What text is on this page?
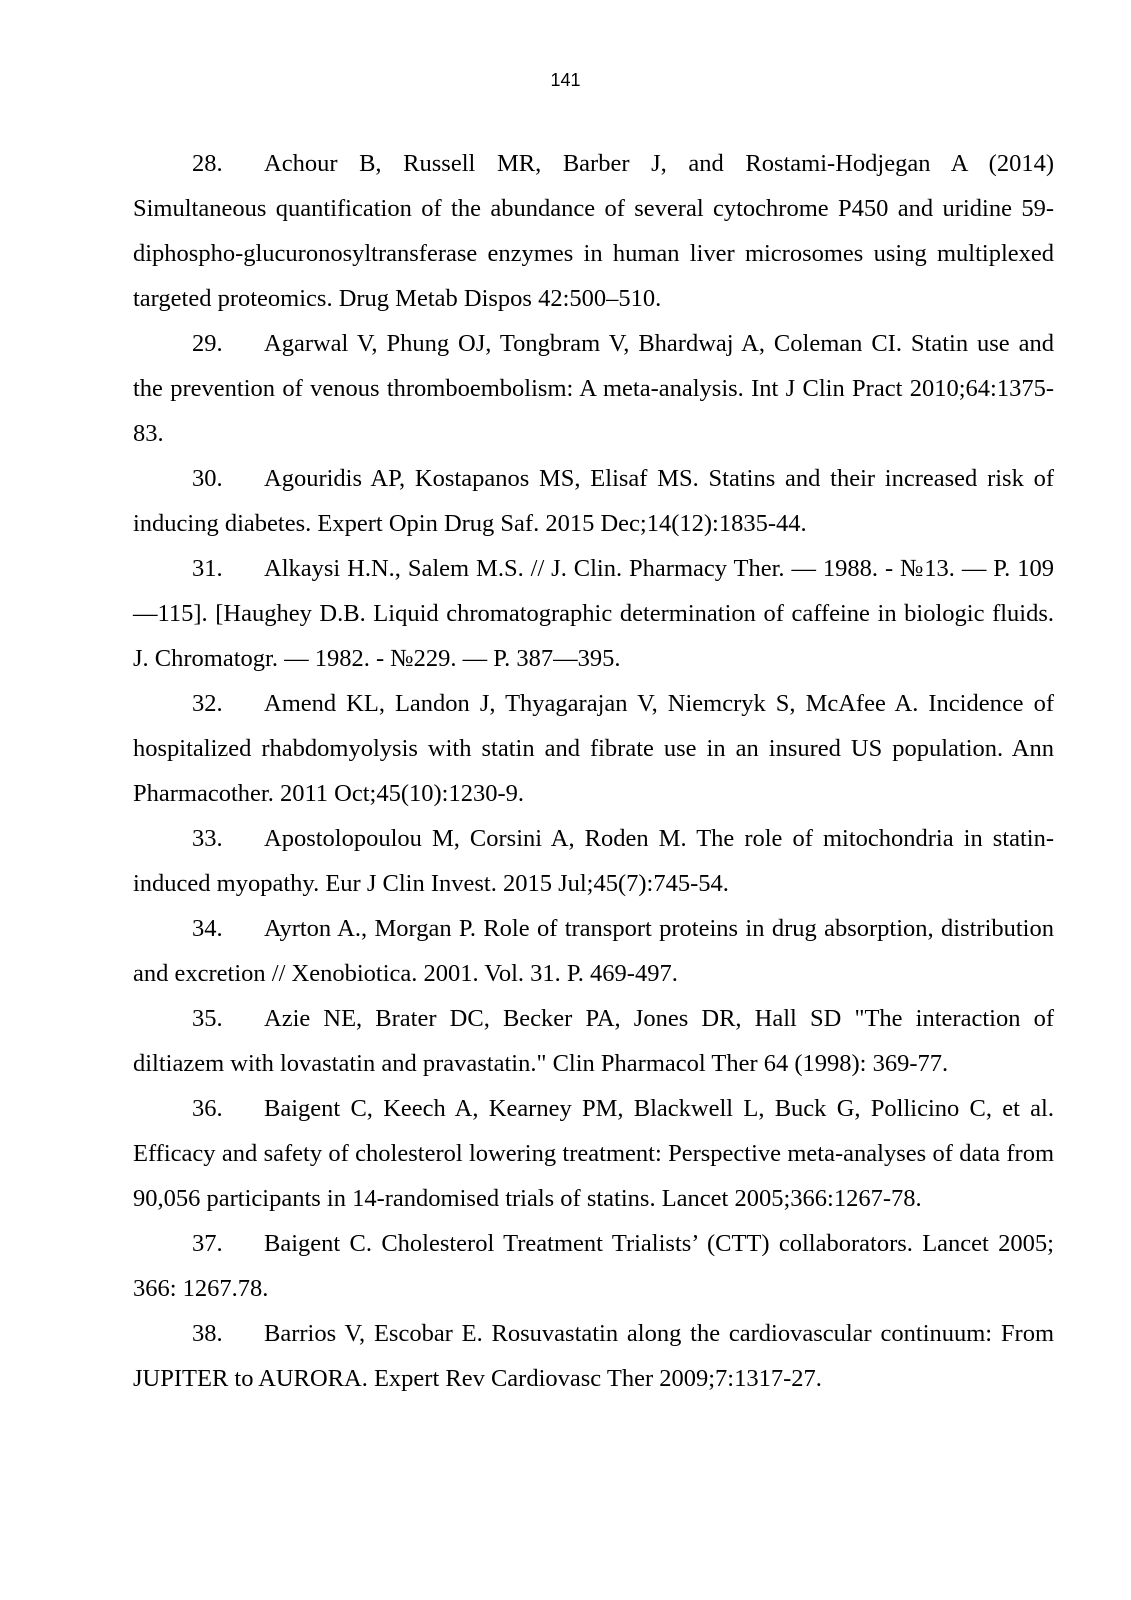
141

28. Achour B, Russell MR, Barber J, and Rostami-Hodjegan A (2014) Simultaneous quantification of the abundance of several cytochrome P450 and uridine 59-diphospho-glucuronosyltransferase enzymes in human liver microsomes using multiplexed targeted proteomics. Drug Metab Dispos 42:500–510.

29. Agarwal V, Phung OJ, Tongbram V, Bhardwaj A, Coleman CI. Statin use and the prevention of venous thromboembolism: A meta-analysis. Int J Clin Pract 2010;64:1375-83.

30. Agouridis AP, Kostapanos MS, Elisaf MS. Statins and their increased risk of inducing diabetes. Expert Opin Drug Saf. 2015 Dec;14(12):1835-44.

31. Alkaysi H.N., Salem M.S. // J. Clin. Pharmacy Ther. — 1988. - №13. — P. 109—115]. [Haughey D.B. Liquid chromatographic determination of caffeine in biologic fluids. J. Chromatogr. — 1982. - №229. — P. 387—395.

32. Amend KL, Landon J, Thyagarajan V, Niemcryk S, McAfee A. Incidence of hospitalized rhabdomyolysis with statin and fibrate use in an insured US population. Ann Pharmacother. 2011 Oct;45(10):1230-9.

33. Apostolopoulou M, Corsini A, Roden M. The role of mitochondria in statin-induced myopathy. Eur J Clin Invest. 2015 Jul;45(7):745-54.

34. Ayrton A., Morgan P. Role of transport proteins in drug absorption, distribution and excretion // Xenobiotica. 2001. Vol. 31. P. 469-497.

35. Azie NE, Brater DC, Becker PA, Jones DR, Hall SD "The interaction of diltiazem with lovastatin and pravastatin." Clin Pharmacol Ther 64 (1998): 369-77.

36. Baigent C, Keech A, Kearney PM, Blackwell L, Buck G, Pollicino C, et al. Efficacy and safety of cholesterol lowering treatment: Perspective meta-analyses of data from 90,056 participants in 14-randomised trials of statins. Lancet 2005;366:1267-78.

37. Baigent C. Cholesterol Treatment Trialists’ (CTT) collaborators. Lancet 2005; 366: 1267.78.

38. Barrios V, Escobar E. Rosuvastatin along the cardiovascular continuum: From JUPITER to AURORA. Expert Rev Cardiovasc Ther 2009;7:1317-27.
